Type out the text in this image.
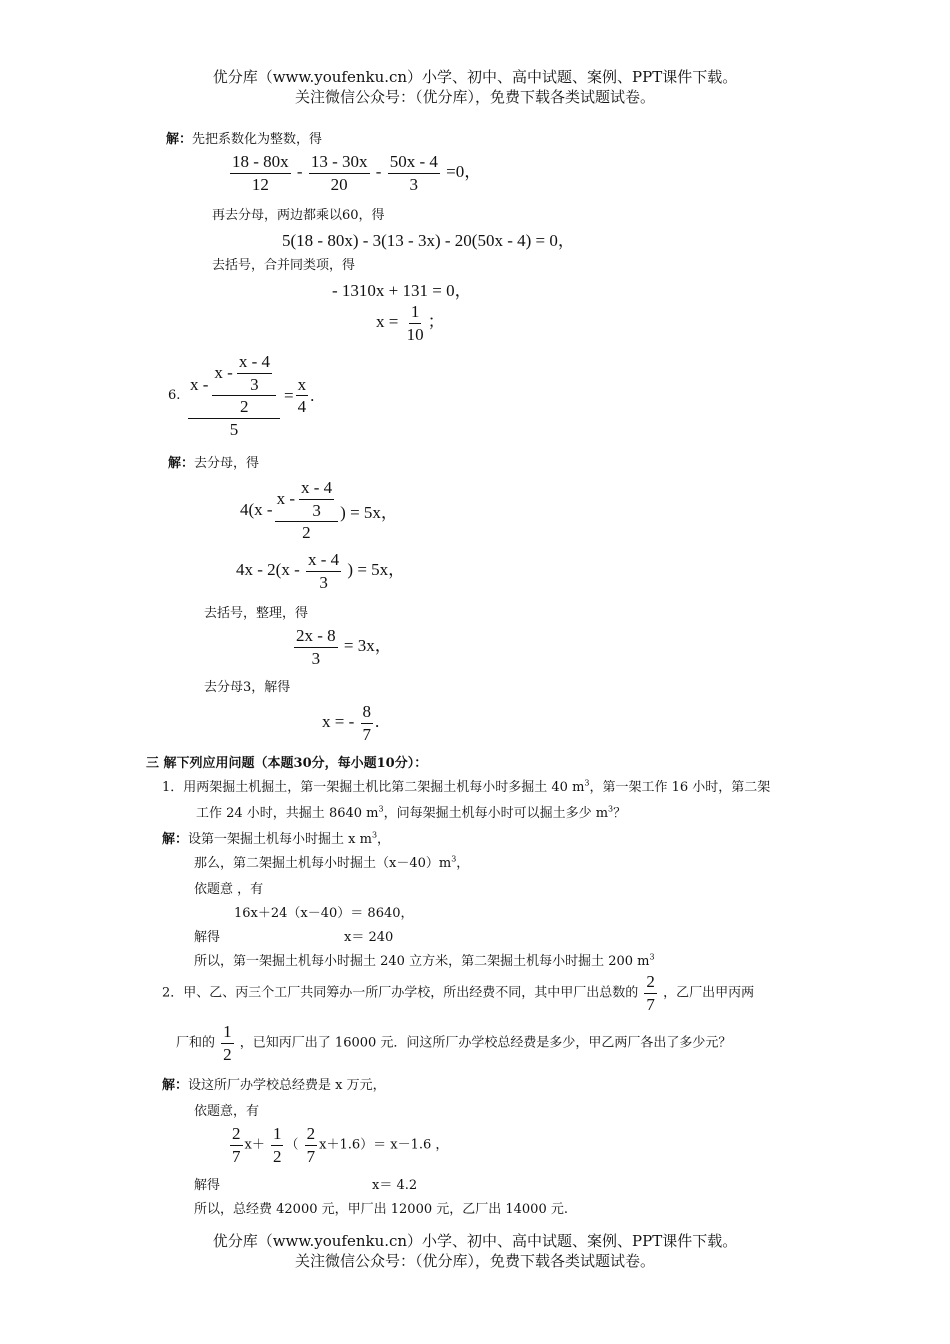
优分库（www.youfenku.cn）小学、初中、高中试题、案例、PPT课件下载。
关注微信公众号：（优分库），免费下载各类试题试卷。
解：先把系数化为整数，得
$\frac{18 - 80x}{12} - \frac{13 - 30x}{20} - \frac{50x - 4}{3} =0$，
再去分母，两边都乘以60，得
5(18 - 80x) - 3(13 - 3x) - 20(50x - 4) = 0，
去括号，合并同类项，得
- 1310x + 131 = 0，
$x = \frac{1}{10}$ ；
6.
x - $\frac{x - \frac{x - 4}{3}}{2}$
5
= $\frac{x}{4}$ .
解：去分母，得
$4(x - \frac{x - \frac{x - 4}{3}}{2}$ ) = 5x，
$4x - 2(x - \frac{x - 4}{3}$ ) = 5x，
去括号，整理，得
$\frac{2x - 8}{3} = 3x$，
去分母3，解得
x = - $\frac{8}{7}$ .
三 解下列应用问题（本题30分，每小题10分）：
1．用两架掘土机掘土，第一架掘土机比第二架掘土机每小时多掘土 40 $m^3$，第一架工作 16 小时，第二架
工作 24 小时，共掘土 8640 $m^3$，问每架掘土机每小时可以掘土多少 $m^3$？
解：设第一架掘土机每小时掘土 x $m^3$，
那么，第二架掘土机每小时掘土$(x-40)m^3$，
依题意 ，有
16x＋24（x－40）＝ 8640，
解得	x＝ 240
所以，第一架掘土机每小时掘土 240 立方米，第二架掘土机每小时掘土 200 $m^3$
2．甲、乙、丙三个工厂共同筹办一所厂办学校，所出经费不同，其中甲厂出总数的 $\frac{2}{7}$ ，乙厂出甲丙两
厂和的 $\frac{1}{2}$ ，已知丙厂出了 16000 元．问这所厂办学校总经费是多少，甲乙两厂各出了多少元？
解：设这所厂办学校总经费是 x 万元，
依题意，有
$\frac{2}{7} x+ \frac{1}{2}$ （ $\frac{2}{7} x+1.6)= x-1.6$ ，
解得	x＝ 4.2
所以，总经费 42000 元，甲厂出 12000 元，乙厂出 14000 元.
优分库（www.youfenku.cn）小学、初中、高中试题、案例、PPT课件下载。
关注微信公众号：（优分库），免费下载各类试题试卷。
